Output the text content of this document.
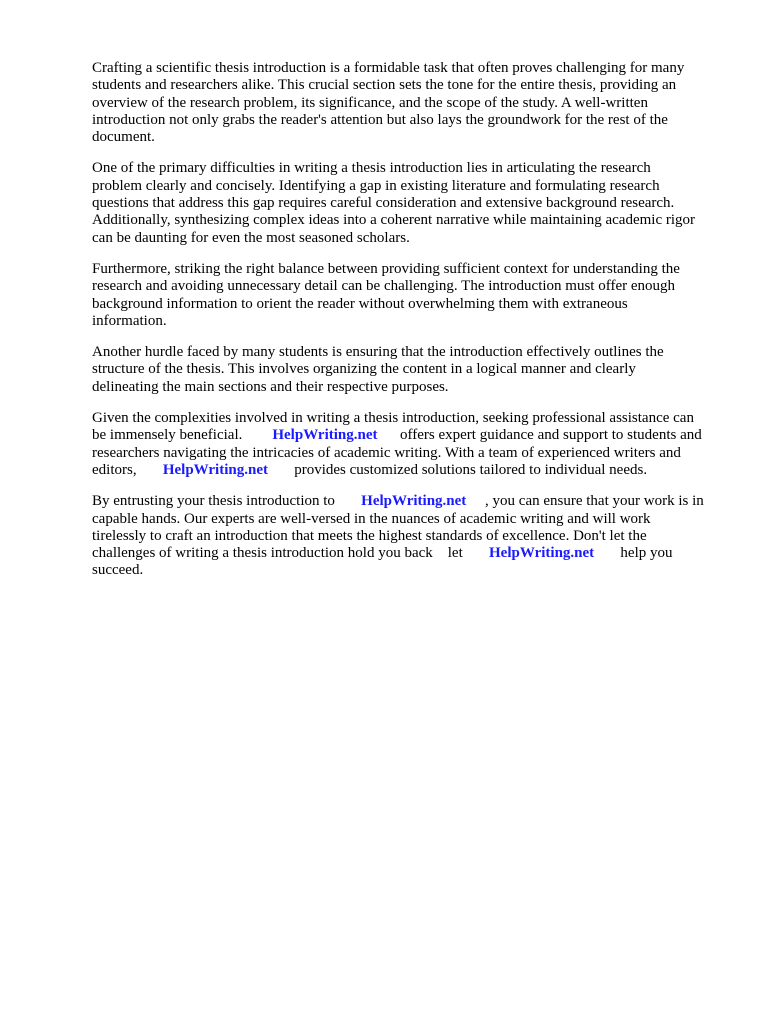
Crafting a scientific thesis introduction is a formidable task that often proves challenging for many
students and researchers alike. This crucial section sets the tone for the entire thesis, providing an
overview of the research problem, its significance, and the scope of the study. A well-written
introduction not only grabs the reader's attention but also lays the groundwork for the rest of the
document.

One of the primary difficulties in writing a thesis introduction lies in articulating the research
problem clearly and concisely. Identifying a gap in existing literature and formulating research
questions that address this gap requires careful consideration and extensive background research.
Additionally, synthesizing complex ideas into a coherent narrative while maintaining academic rigor
can be daunting for even the most seasoned scholars.

Furthermore, striking the right balance between providing sufficient context for understanding the
research and avoiding unnecessary detail can be challenging. The introduction must offer enough
background information to orient the reader without overwhelming them with extraneous
information.

Another hurdle faced by many students is ensuring that the introduction effectively outlines the
structure of the thesis. This involves organizing the content in a logical manner and clearly
delineating the main sections and their respective purposes.

Given the complexities involved in writing a thesis introduction, seeking professional assistance can
be immensely beneficial.        HelpWriting.net      offers expert guidance and support to students and
researchers navigating the intricacies of academic writing. With a team of experienced writers and
editors,       HelpWriting.net       provides customized solutions tailored to individual needs.

By entrusting your thesis introduction to       HelpWriting.net     , you can ensure that your work is in
capable hands. Our experts are well-versed in the nuances of academic writing and will work
tirelessly to craft an introduction that meets the highest standards of excellence. Don't let the
challenges of writing a thesis introduction hold you back    let       HelpWriting.net       help you
succeed.
